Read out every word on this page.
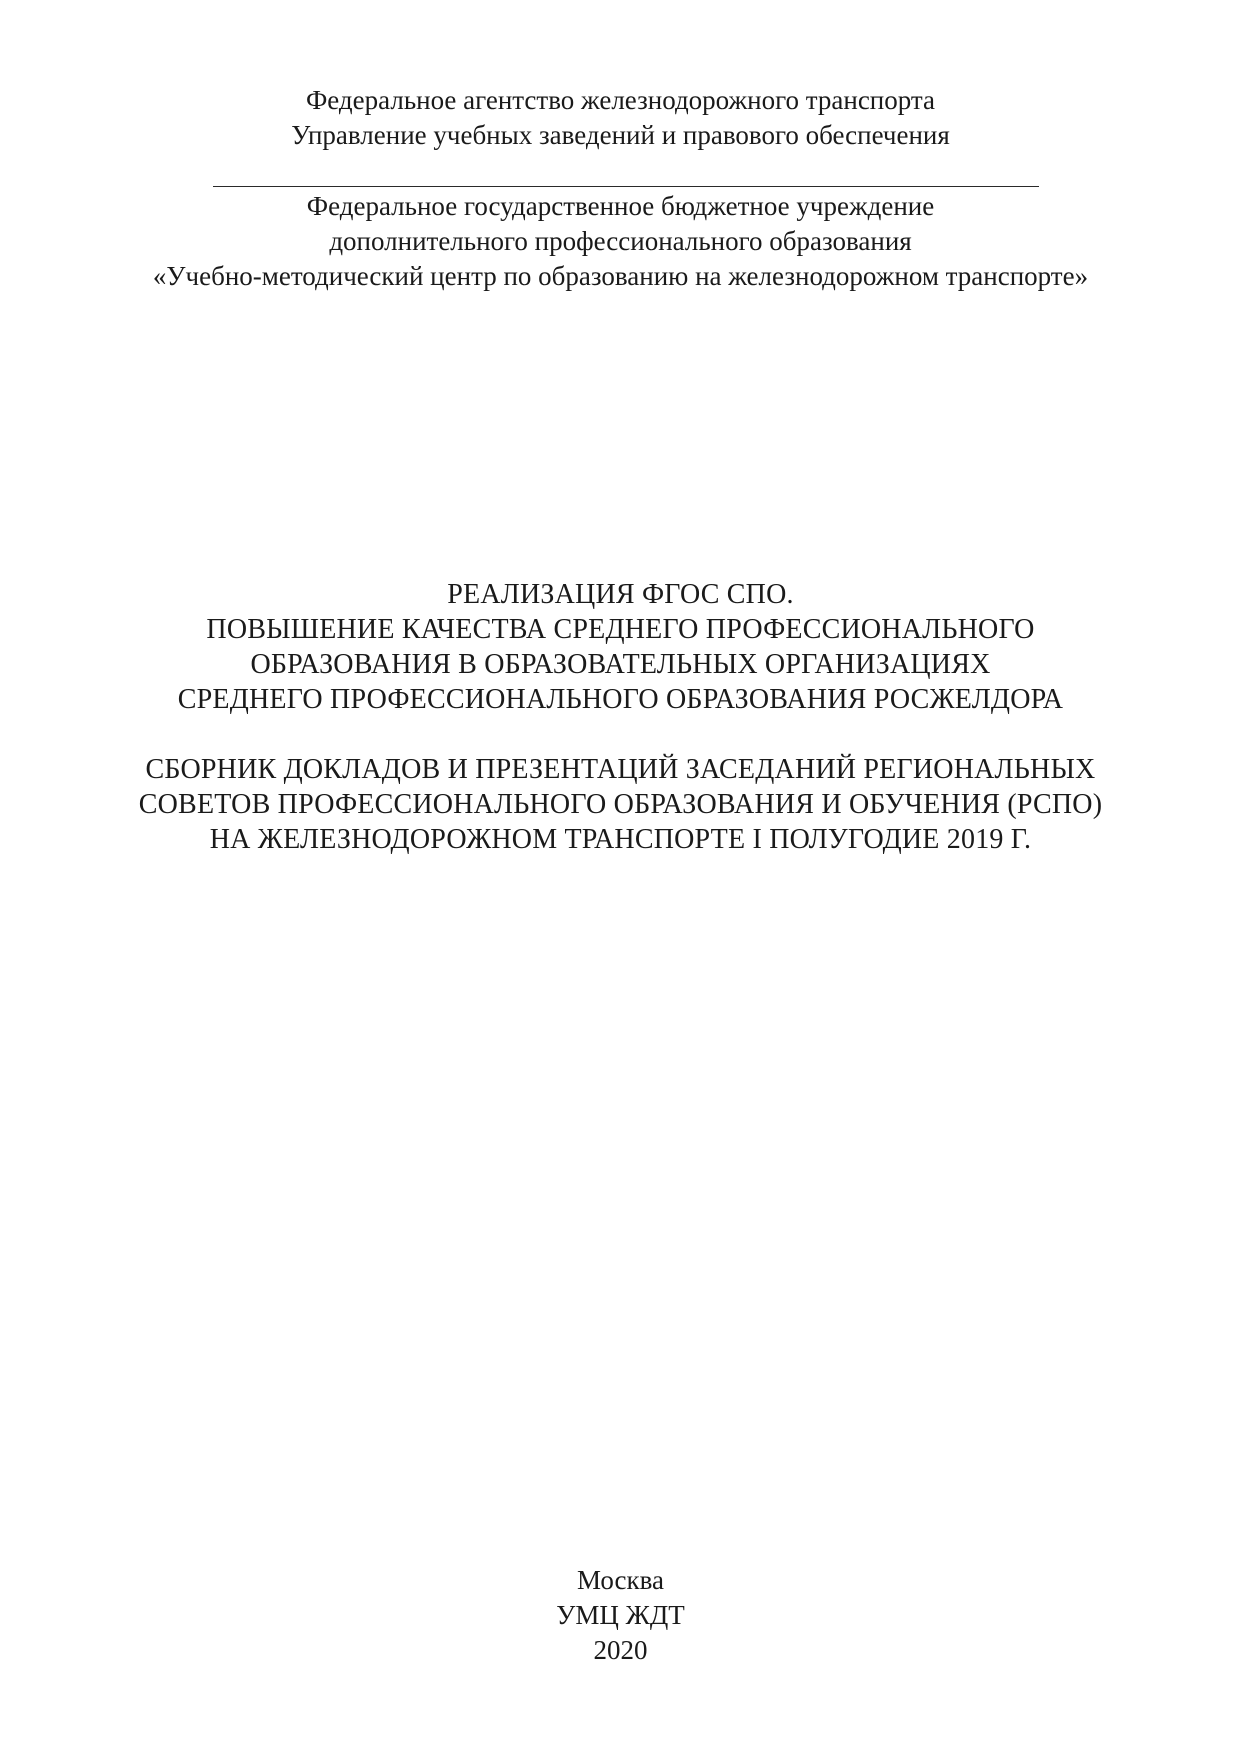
Федеральное агентство железнодорожного транспорта
Управление учебных заведений и правового обеспечения
Федеральное государственное бюджетное учреждение
дополнительного профессионального образования
«Учебно-методический центр по образованию на железнодорожном транспорте»
РЕАЛИЗАЦИЯ ФГОС СПО.
ПОВЫШЕНИЕ КАЧЕСТВА СРЕДНЕГО ПРОФЕССИОНАЛЬНОГО
ОБРАЗОВАНИЯ В ОБРАЗОВАТЕЛЬНЫХ ОРГАНИЗАЦИЯХ
СРЕДНЕГО ПРОФЕССИОНАЛЬНОГО ОБРАЗОВАНИЯ РОСЖЕЛДОРА
СБОРНИК ДОКЛАДОВ И ПРЕЗЕНТАЦИЙ ЗАСЕДАНИЙ РЕГИОНАЛЬНЫХ
СОВЕТОВ ПРОФЕССИОНАЛЬНОГО ОБРАЗОВАНИЯ И ОБУЧЕНИЯ (РСПО)
НА ЖЕЛЕЗНОДОРОЖНОМ ТРАНСПОРТЕ I ПОЛУГОДИЕ 2019 Г.
Москва
УМЦ ЖДТ
2020
